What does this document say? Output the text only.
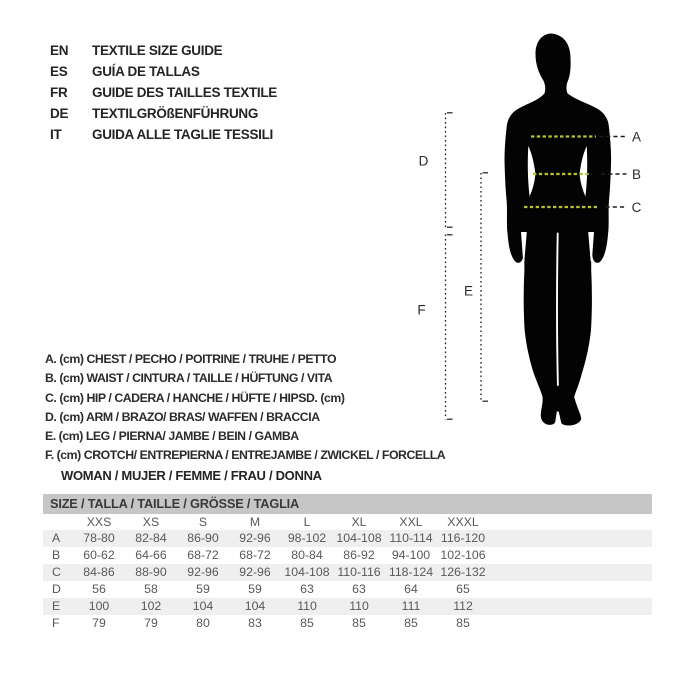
EN TEXTILE SIZE GUIDE
ES GUÍA DE TALLAS
FR GUIDE DES TAILLES TEXTILE
DE TEXTILGRÖßENFÜHRUNG
IT GUIDA ALLE TAGLIE TESSILI	A
B
C
D
E
F
A. (cm) CHEST / PECHO / POITRINE / TRUHE / PETTO
B. (cm) WAIST / CINTURA / TAILLE / HÜFTUNG / VITA
C. (cm) HIP / CADERA / HANCHE / HÜFTE / HIPSD. (cm)
D. (cm) ARM / BRAZO/ BRAS/ WAFFEN / BRACCIA
E. (cm) LEG / PIERNA/ JAMBE / BEIN / GAMBA
F. (cm) CROTCH/ ENTREPIERNA / ENTREJAMBE / ZWICKEL / FORCELLA
WOMAN / MUJER / FEMME / FRAU / DONNA
SIZE / TALLA / TAILLE / GRÖSSE / TAGLIA
XXS	XS	S	M	L	XL	XXL	XXXL
A	78-80	82-84	86-90	92-96	98-102 104-108 110-114 116-120
B	60-62	64-66	68-72	68-72	80-84	86-92	94-100 102-106
C	84-86	88-90	92-96	92-96	104-108 110-116 118-124 126-132
D	56	58	59	59	63	63	64	65
E	100	102	104	104	110	110	111	112
F	79	79	80	83	85	85	85	85
